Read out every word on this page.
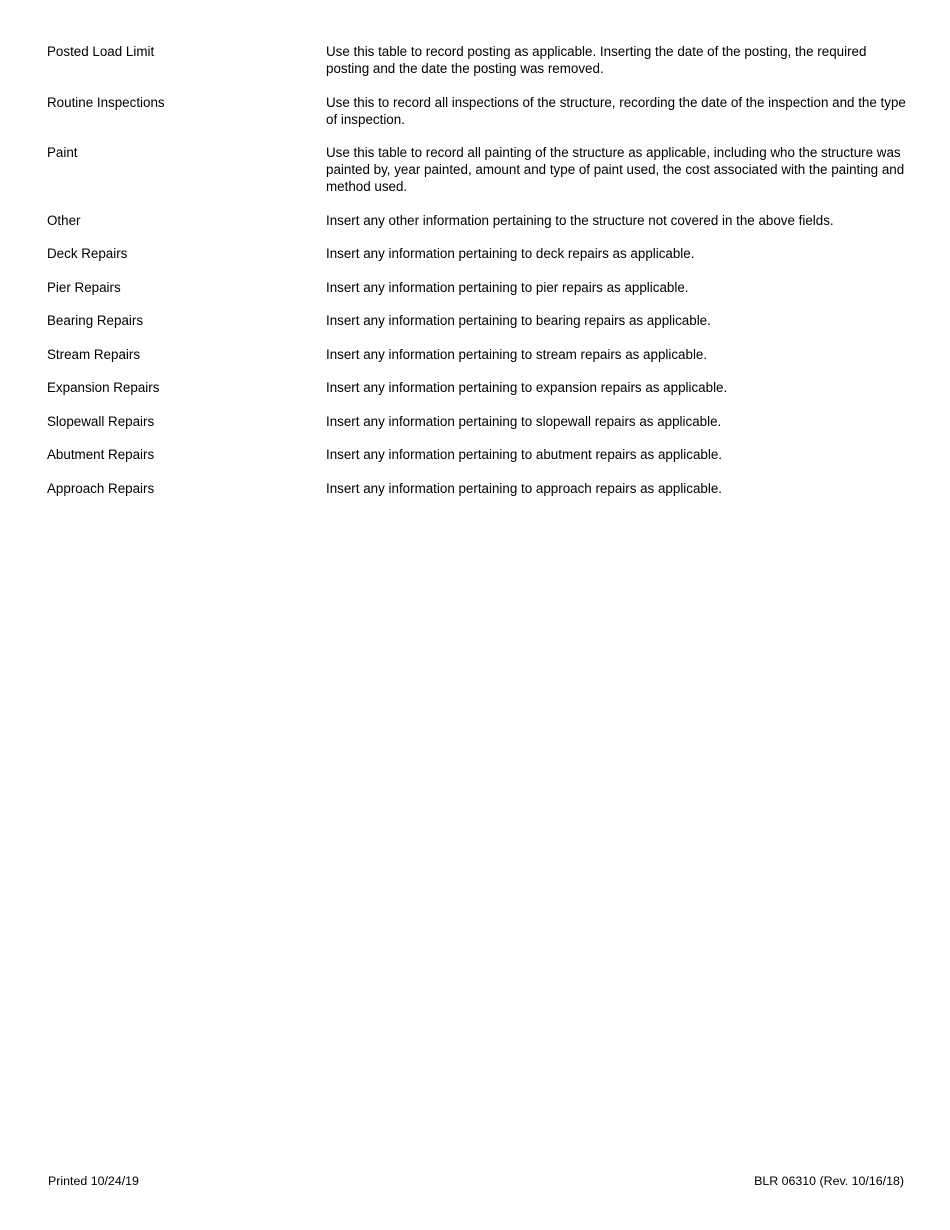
Posted Load Limit	Use this table to record posting as applicable. Inserting the date of the posting, the required posting and the date the posting was removed.
Routine Inspections	Use this to record all inspections of the structure, recording the date of the inspection and the type of inspection.
Paint	Use this table to record all painting of the structure as applicable, including who the structure was painted by, year painted, amount and type of paint used, the cost associated with the painting and method used.
Other	Insert any other information pertaining to the structure not covered in the above fields.
Deck Repairs	Insert any information pertaining to deck repairs as applicable.
Pier Repairs	Insert any information pertaining to pier repairs as applicable.
Bearing Repairs	Insert any information pertaining to bearing repairs as applicable.
Stream Repairs	Insert any information pertaining to stream repairs as applicable.
Expansion Repairs	Insert any information pertaining to expansion repairs as applicable.
Slopewall Repairs	Insert any information pertaining to slopewall repairs as applicable.
Abutment Repairs	Insert any information pertaining to abutment repairs as applicable.
Approach Repairs	Insert any information pertaining to approach repairs as applicable.
Printed 10/24/19	BLR 06310 (Rev. 10/16/18)
